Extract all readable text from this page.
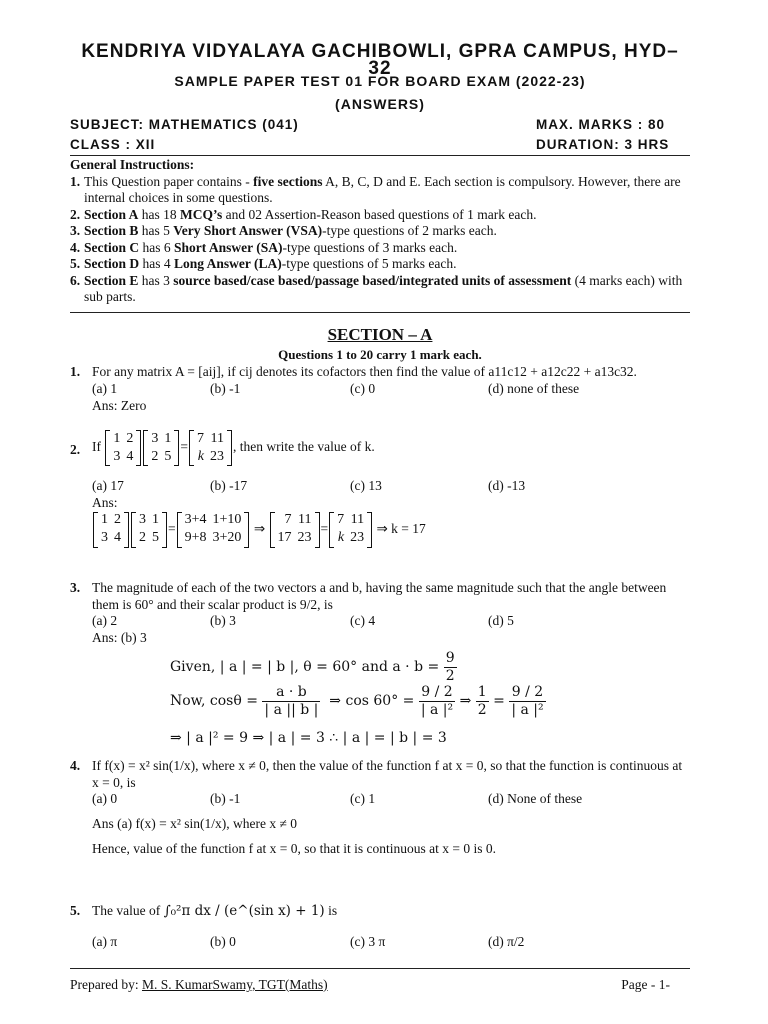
KENDRIYA VIDYALAYA GACHIBOWLI, GPRA CAMPUS, HYD–32
SAMPLE PAPER TEST 01 FOR BOARD EXAM (2022-23)
(ANSWERS)
SUBJECT: MATHEMATICS (041)	MAX. MARKS : 80
CLASS : XII	DURATION: 3 HRS
General Instructions:
1. This Question paper contains - five sections A, B, C, D and E. Each section is compulsory. However, there are internal choices in some questions.
2. Section A has 18 MCQ’s and 02 Assertion-Reason based questions of 1 mark each.
3. Section B has 5 Very Short Answer (VSA)-type questions of 2 marks each.
4. Section C has 6 Short Answer (SA)-type questions of 3 marks each.
5. Section D has 4 Long Answer (LA)-type questions of 5 marks each.
6. Section E has 3 source based/case based/passage based/integrated units of assessment (4 marks each) with sub parts.
SECTION – A
Questions 1 to 20 carry 1 mark each.
1. For any matrix A = [aij], if cij denotes its cofactors then find the value of a11c12 + a12c22 + a13c32.
(a) 1	(b) -1	(c) 0	(d) none of these
Ans: Zero
2. If
1	2
3	4
3	1
2	5
=
7	11
k	23
, then write the value of k.
(a) 17	(b) -17	(c) 13	(d) -13
Ans:
1	2
3	4
3	1
2	5
=
3+4	1+10
9+8	3+20
⇒
7	11
17	23
=
7	11
k	23
⇒ k = 17
3. The magnitude of each of the two vectors a and b, having the same magnitude such that the angle between them is 60° and their scalar product is 9/2, is
(a) 2	(b) 3	(c) 4	(d) 5
Ans: (b) 3
Given, | a | = | b |, θ = 60° and $a \cdot b = \frac{9}{2}$
Now, $\cos\theta = \frac{a \cdot b}{| a || b |}$ ⇒ $\cos 60^\circ = \frac{9 / 2}{\text{| a |²}}$ ⇒ $\frac{1}{2} = \frac{9 / 2}{\text{| a |²}}$
⇒ | a |² = 9 ⇒ | a | = 3 ∴ | a | = | b | = 3
4. If f(x) = x² sin(1/x), where x ≠ 0, then the value of the function f at x = 0, so that the function is continuous at x = 0, is
(a) 0	(b) -1	(c) 1	(d) None of these
Ans (a) f(x) = x² sin(1/x), where x ≠ 0
Hence, value of the function f at x = 0, so that it is continuous at x = 0 is 0.
5. The value of ∫₀²π dx / (e^(sin x) + 1) is
(a) π	(b) 0	(c) 3 π	(d) π/2
Prepared by: M. S. KumarSwamy, TGT(Maths)	Page - 1-
